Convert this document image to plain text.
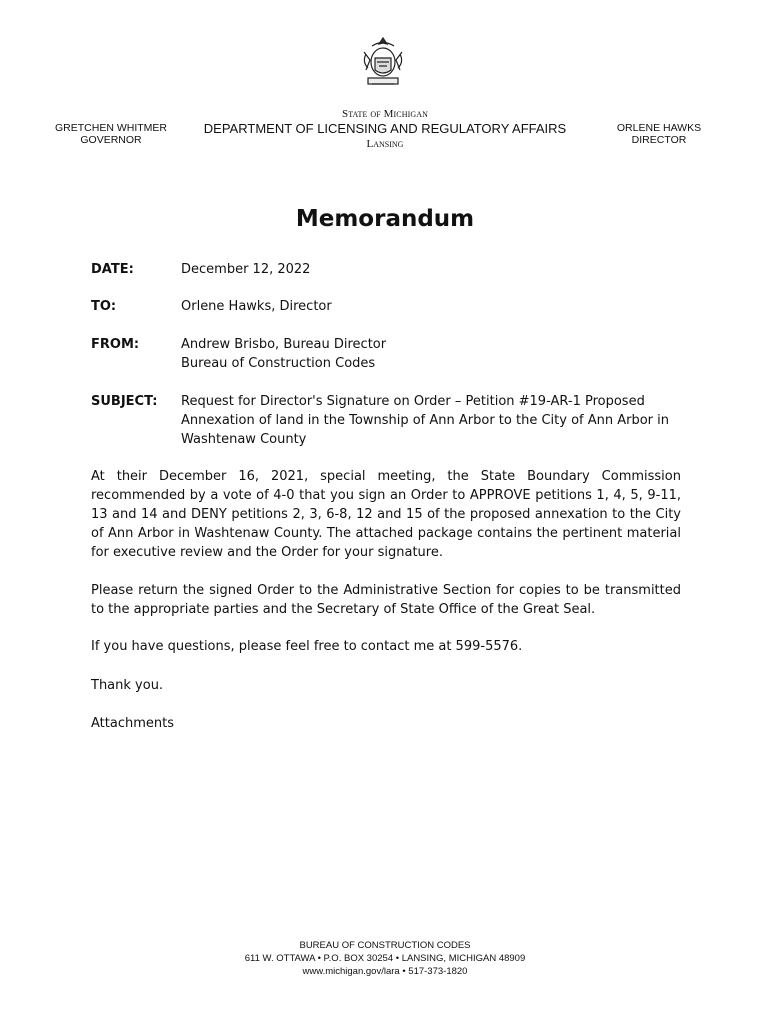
GRETCHEN WHITMER
GOVERNOR
State of Michigan
DEPARTMENT OF LICENSING AND REGULATORY AFFAIRS
Lansing
ORLENE HAWKS
DIRECTOR
Memorandum
DATE:	December 12, 2022
TO:	Orlene Hawks, Director
FROM:	Andrew Brisbo, Bureau Director
Bureau of Construction Codes
SUBJECT: Request for Director's Signature on Order – Petition #19-AR-1 Proposed
Annexation of land in the Township of Ann Arbor to the City of Ann Arbor in
Washtenaw County
At their December 16, 2021, special meeting, the State Boundary Commission recommended by a vote of 4-0 that you sign an Order to APPROVE petitions 1, 4, 5, 9-11, 13 and 14 and DENY petitions 2, 3, 6-8, 12 and 15 of the proposed annexation to the City of Ann Arbor in Washtenaw County. The attached package contains the pertinent material for executive review and the Order for your signature.
Please return the signed Order to the Administrative Section for copies to be transmitted to the appropriate parties and the Secretary of State Office of the Great Seal.
If you have questions, please feel free to contact me at 599-5576.
Thank you.
Attachments
BUREAU OF CONSTRUCTION CODES
611 W. OTTAWA • P.O. BOX 30254 • LANSING, MICHIGAN 48909
www.michigan.gov/lara • 517-373-1820
